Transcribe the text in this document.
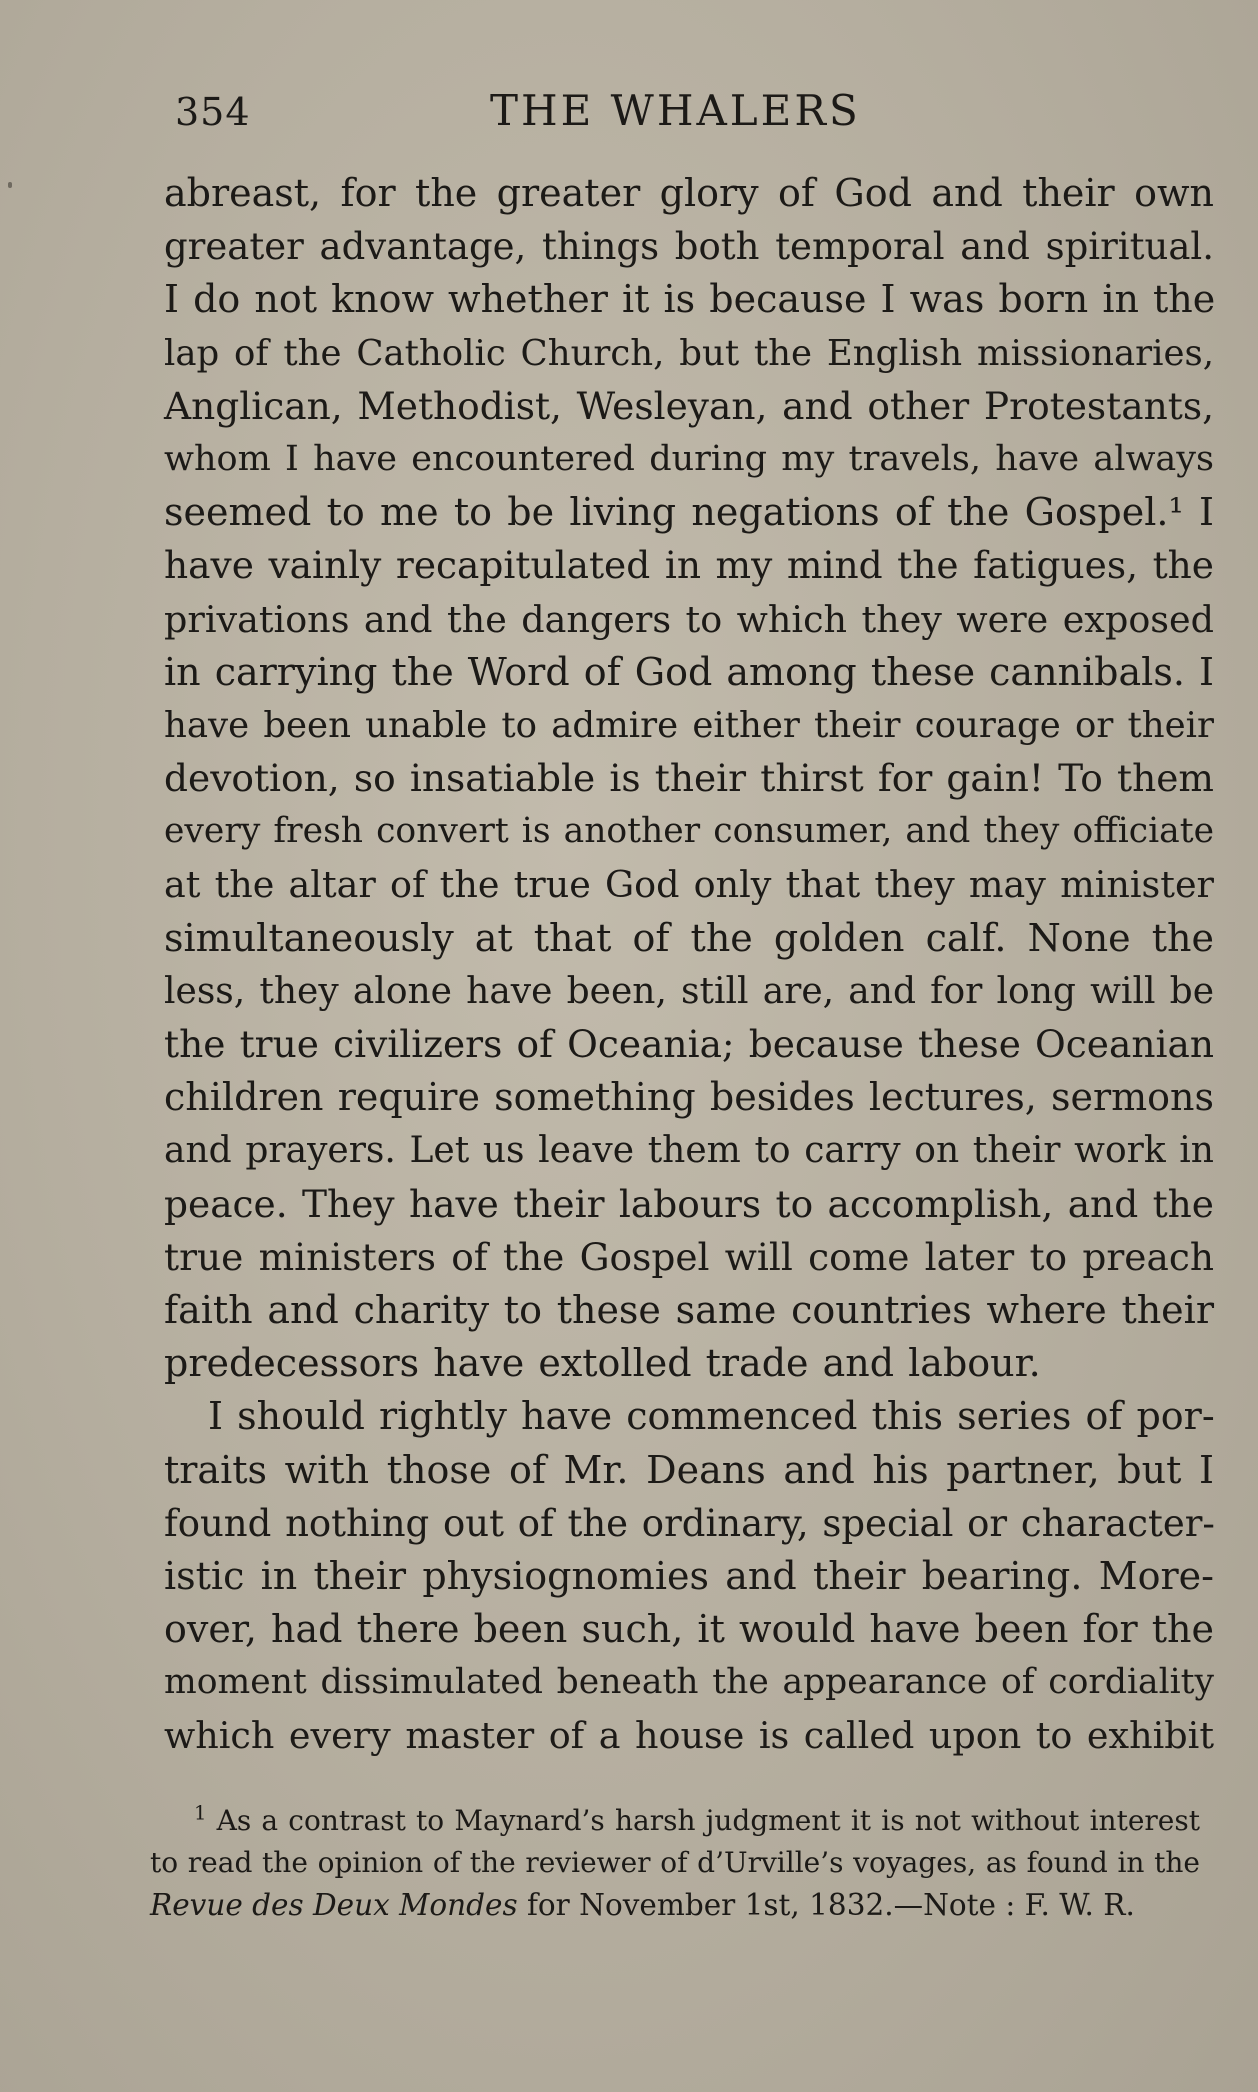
354	THE WHALERS
abreast, for the greater glory of God and their own
greater advantage, things both temporal and spiritual.
I do not know whether it is because I was born in the
lap of the Catholic Church, but the English missionaries,
Anglican, Methodist, Wesleyan, and other Protestants,
whom I have encountered during my travels, have always
seemed to me to be living negations of the Gospel.¹ I
have vainly recapitulated in my mind the fatigues, the
privations and the dangers to which they were exposed
in carrying the Word of God among these cannibals. I
have been unable to admire either their courage or their
devotion, so insatiable is their thirst for gain! To them
every fresh convert is another consumer, and they officiate
at the altar of the true God only that they may minister
simultaneously at that of the golden calf. None the
less, they alone have been, still are, and for long will be
the true civilizers of Oceania; because these Oceanian
children require something besides lectures, sermons
and prayers. Let us leave them to carry on their work in
peace. They have their labours to accomplish, and the
true ministers of the Gospel will come later to preach
faith and charity to these same countries where their
predecessors have extolled trade and labour.
I should rightly have commenced this series of por-
traits with those of Mr. Deans and his partner, but I
found nothing out of the ordinary, special or character-
istic in their physiognomies and their bearing. More-
over, had there been such, it would have been for the
moment dissimulated beneath the appearance of cordiality
which every master of a house is called upon to exhibit
$^1$ As a contrast to Maynard’s harsh judgment it is not without interest
to read the opinion of the reviewer of d’Urville’s voyages, as found in the
Revue des Deux Mondes for November 1st, 1832.—Note : F. W. R.
